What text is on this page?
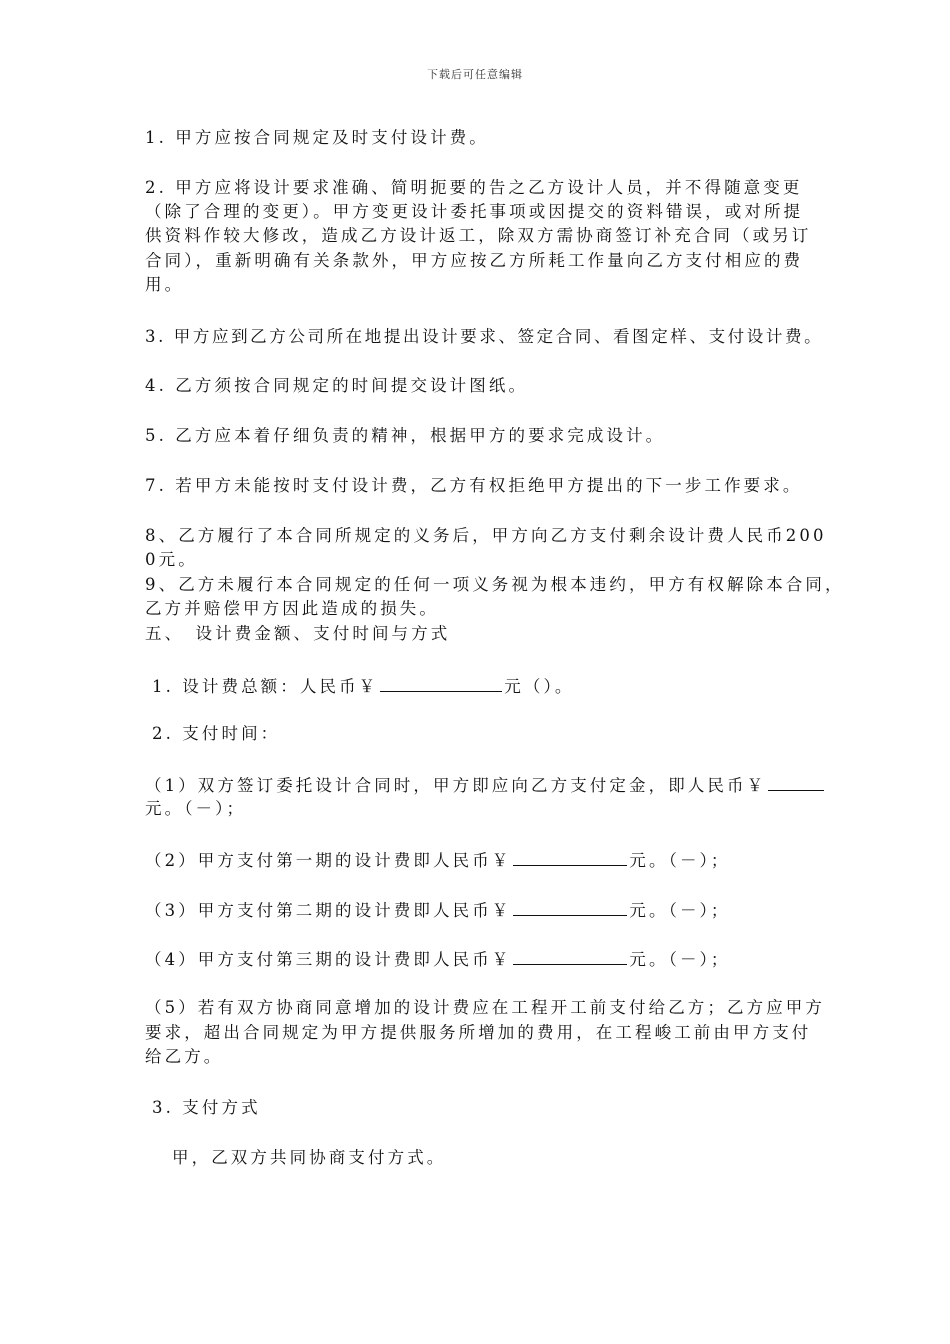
下载后可任意编辑
1. 甲方应按合同规定及时支付设计费。
2. 甲方应将设计要求准确、简明扼要的告之乙方设计人员，并不得随意变更
（除了合理的变更）。甲方变更设计委托事项或因提交的资料错误，或对所提
供资料作较大修改，造成乙方设计返工，除双方需协商签订补充合同（或另订
合同），重新明确有关条款外，甲方应按乙方所耗工作量向乙方支付相应的费
用。
3. 甲方应到乙方公司所在地提出设计要求、签定合同、看图定样、支付设计费。
4. 乙方须按合同规定的时间提交设计图纸。
5. 乙方应本着仔细负责的精神，根据甲方的要求完成设计。
7. 若甲方未能按时支付设计费，乙方有权拒绝甲方提出的下一步工作要求。
8、乙方履行了本合同所规定的义务后，甲方向乙方支付剩余设计费人民币200
0元。
9、乙方未履行本合同规定的任何一项义务视为根本违约，甲方有权解除本合同，
乙方并赔偿甲方因此造成的损失。
五、　设计费金额、支付时间与方式
1. 设计费总额：人民币￥	元（）。
2. 支付时间：
（1）双方签订委托设计合同时，甲方即应向乙方支付定金，即人民币￥
元。（－）；
（2）甲方支付第一期的设计费即人民币￥	元。（－）；
（3）甲方支付第二期的设计费即人民币￥	元。（－）；
（4）甲方支付第三期的设计费即人民币￥	元。（－）；
（5）若有双方协商同意增加的设计费应在工程开工前支付给乙方；乙方应甲方
要求，超出合同规定为甲方提供服务所增加的费用，在工程峻工前由甲方支付
给乙方。
3. 支付方式
甲，乙双方共同协商支付方式。
